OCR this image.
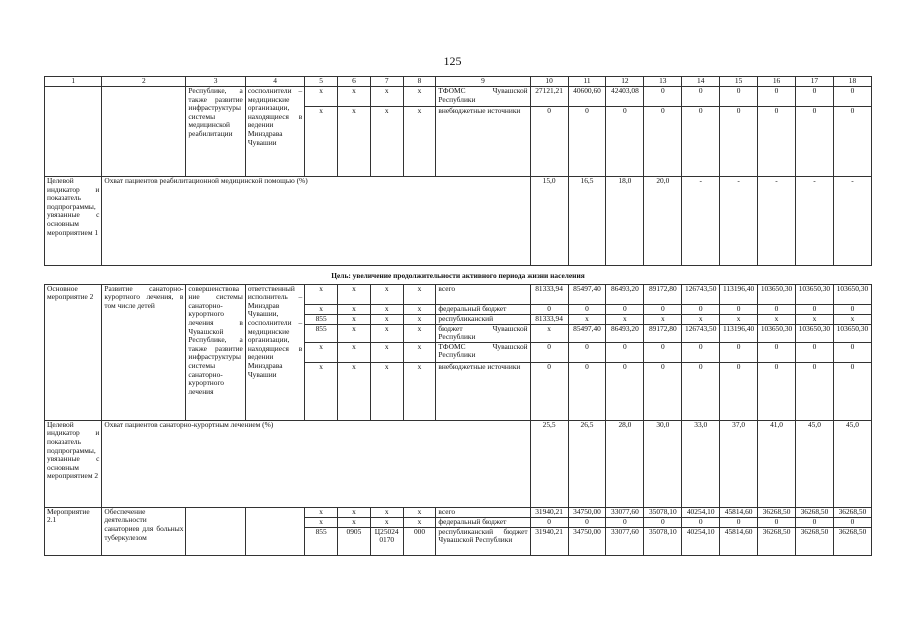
125
1	2	3	4	5	6	7	8	9	10	11	12	13	14	15	16	17	18
		Республике, а также развитие инфраструктуры системы медицинской реабилитации	сосполнители – медицинские организации, находящиеся в ведении Минздрава Чувашии	x	x	x	x	ТФОМС Чувашской Республики	27121,21	40600,60	42403,08	0	0	0	0	0	0
				x	x	x	x	внебюджетные источники	0	0	0	0	0	0	0	0	0
Целевой индикатор и показатель подпрограммы, увязанные с основным мероприятием 1	Охват пациентов реабилитационной медицинской помощью (%)								15,0	16,5	18,0	20,0	-	-	-	-	-
Цель: увеличение продолжительности активного периода жизни населения																	
Основное мероприятие 2	Развитие санаторно-курортного лечения, в том числе детей	совершенствование системы санаторно-курортного лечения в Чувашской Республике, а также развитие инфраструктуры системы санаторно-курортного лечения	ответственный исполнитель – Минздрав Чувашии, сосполнители – медицинские организации, находящиеся в ведении Минздрава Чувашии	x	x	x	x	всего	81333,94	85497,40	86493,20	89172,80	126743,50	113196,40	103650,30	103650,30	103650,30
				x	x	x	x	федеральный бюджет	0	0	0	0	0	0	0	0	0
				855	x	x	x	республиканский	81333,94	x	x	x	x	x	x	x	x
				855	x	x	x	бюджет Чувашской Республики	x	85497,40	86493,20	89172,80	126743,50	113196,40	103650,30	103650,30	103650,30
				x	x	x	x	ТФОМС Чувашской Республики	0	0	0	0	0	0	0	0	0
				x	x	x	x	внебюджетные источники	0	0	0	0	0	0	0	0	0
Целевой индикатор и показатель подпрограммы, увязанные с основным мероприятием 2	Охват пациентов санаторно-курортным лечением (%)								25,5	26,5	28,0	30,0	33,0	37,0	41,0	45,0	45,0
Мероприятие 2.1	Обеспечение деятельности санаториев для больных туберкулезом			x	x	x	x	всего	31940,21	34750,00	33077,60	35078,10	40254,10	45814,60	36268,50	36268,50	36268,50
				x	x	x	x	федеральный бюджет	0	0	0	0	0	0	0	0	0
				855	0905	Ц25024 0170	000	республиканский бюджет Чувашской Республики	31940,21	34750,00	33077,60	35078,10	40254,10	45814,60	36268,50	36268,50	36268,50
